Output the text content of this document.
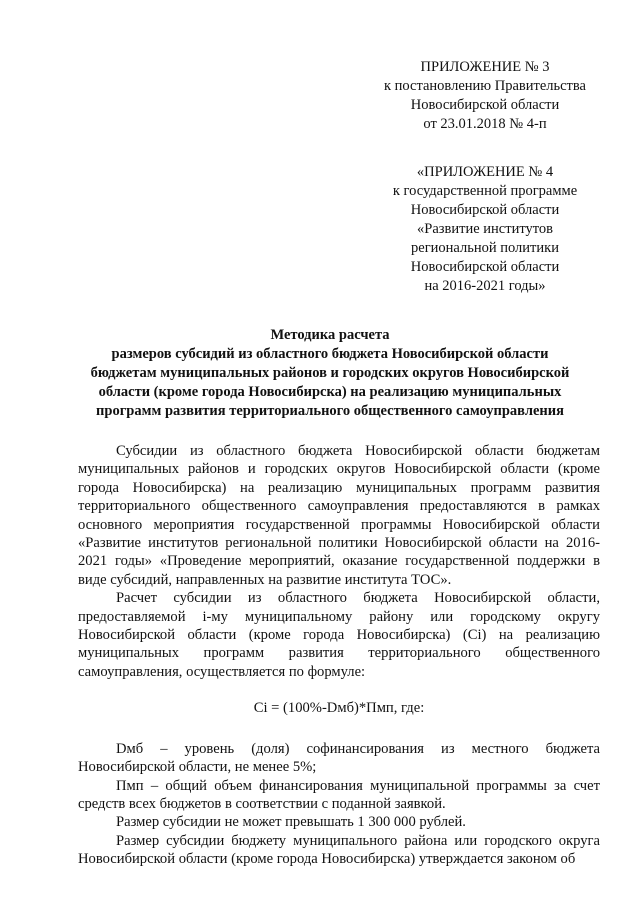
ПРИЛОЖЕНИЕ № 3
к постановлению Правительства
Новосибирской области
от 23.01.2018 № 4-п
«ПРИЛОЖЕНИЕ № 4
к государственной программе
Новосибирской области
«Развитие институтов
региональной политики
Новосибирской области
на 2016-2021 годы»
Методика расчета
размеров субсидий из областного бюджета Новосибирской области
бюджетам муниципальных районов и городских округов Новосибирской
области (кроме города Новосибирска) на реализацию муниципальных
программ развития территориального общественного самоуправления

Субсидии из областного бюджета Новосибирской области бюджетам муниципальных районов и городских округов Новосибирской области (кроме города Новосибирска) на реализацию муниципальных программ развития территориального общественного самоуправления предоставляются в рамках основного мероприятия государственной программы Новосибирской области «Развитие институтов региональной политики Новосибирской области на 2016-2021 годы» «Проведение мероприятий, оказание государственной поддержки в виде субсидий, направленных на развитие института ТОС».

Расчет субсидии из областного бюджета Новосибирской области, предоставляемой i-му муниципальному району или городскому округу Новосибирской области (кроме города Новосибирска) (Ci) на реализацию муниципальных программ развития территориального общественного самоуправления, осуществляется по формуле:

Ci = (100%-Dмб)*Пмп, где:

Dмб – уровень (доля) софинансирования из местного бюджета Новосибирской области, не менее 5%;

Пмп – общий объем финансирования муниципальной программы за счет средств всех бюджетов в соответствии с поданной заявкой.

Размер субсидии не может превышать 1 300 000 рублей.

Размер субсидии бюджету муниципального района или городского округа Новосибирской области (кроме города Новосибирска) утверждается законом об
